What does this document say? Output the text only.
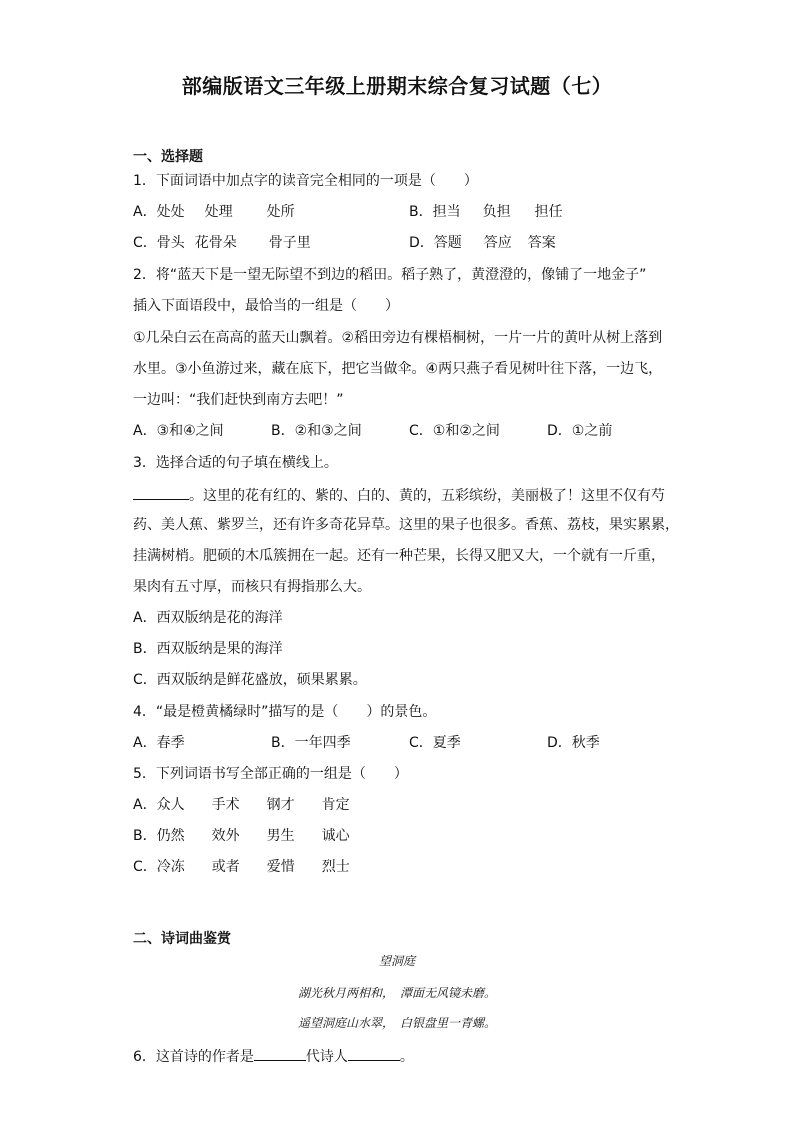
部编版语文三年级上册期末综合复习试题（七）
一、选择题
1．下面词语中加点字的读音完全相同的一项是（　　）
A．处处 处理 处所	B．担当 负担 担任
C．骨头 花骨朵 骨子里	D．答题 答应 答案
2．将“蓝天下是一望无际望不到边的稻田。稻子熟了，黄澄澄的，像铺了一地金子”
插入下面语段中，最恰当的一组是（　　）
①几朵白云在高高的蓝天山飘着。②稻田旁边有棵梧桐树，一片一片的黄叶从树上落到
水里。③小鱼游过来，藏在底下，把它当做伞。④两只燕子看见树叶往下落，一边飞，
一边叫：“我们赶快到南方去吧！”
A．③和④之间	B．②和③之间	C．①和②之间	D．①之前
3．选择合适的句子填在横线上。
。这里的花有红的、紫的、白的、黄的，五彩缤纷，美丽极了！这里不仅有芍
药、美人蕉、紫罗兰，还有许多奇花异草。这里的果子也很多。香蕉、荔枝，果实累累，
挂满树梢。肥硕的木瓜簇拥在一起。还有一种芒果，长得又肥又大，一个就有一斤重，
果肉有五寸厚，而核只有拇指那么大。
A．西双版纳是花的海洋
B．西双版纳是果的海洋
C．西双版纳是鲜花盛放，硕果累累。
4．“最是橙黄橘绿时”描写的是（　　）的景色。
A．春季	B．一年四季	C．夏季	D．秋季
5．下列词语书写全部正确的一组是（　　）
A．众人 手术 钢才 肯定
B．仍然 效外 男生 诚心
C．冷冻 或者 爱惜 烈士
二、诗词曲鉴赏
望洞庭
湖光秋月两相和，　潭面无风镜未磨。
遥望洞庭山水翠，　白银盘里一青螺。
6．这首诗的作者是	代诗人	。
